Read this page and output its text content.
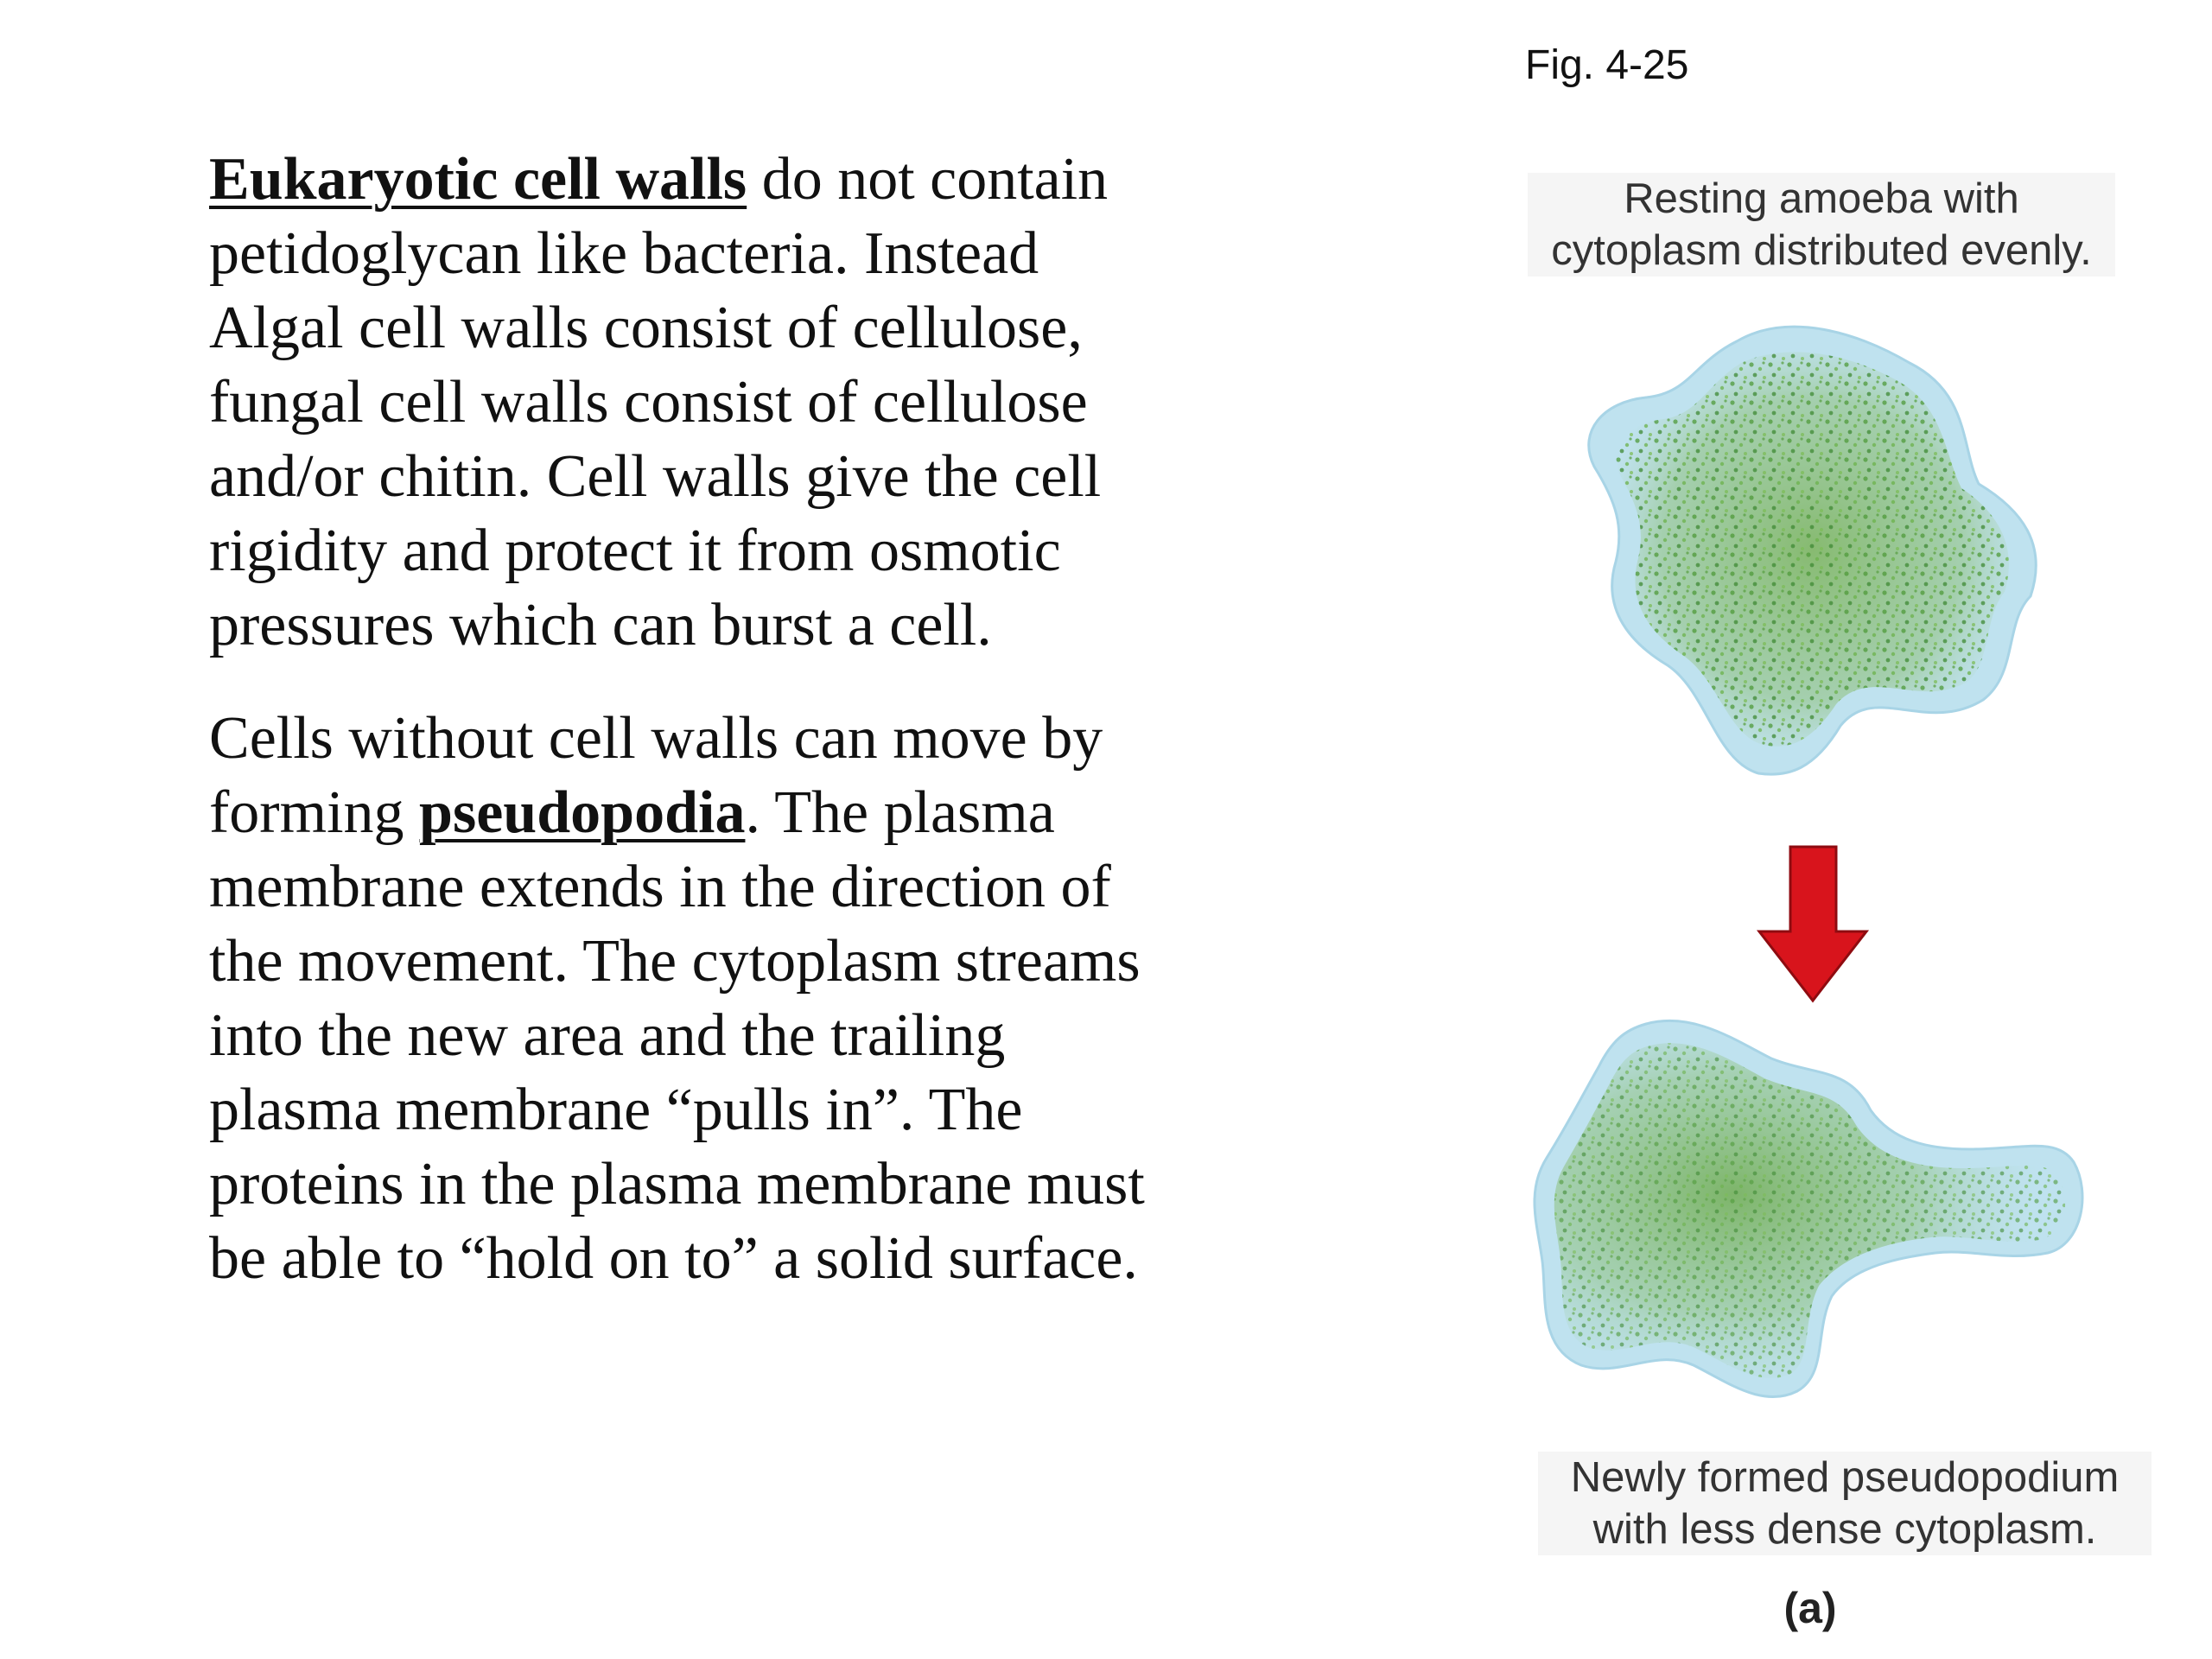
Eukaryotic cell walls do not contain petidoglycan like bacteria. Instead Algal cell walls consist of cellulose, fungal cell walls consist of cellulose and/or chitin. Cell walls give the cell rigidity and protect it from osmotic pressures which can burst a cell.

Cells without cell walls can move by forming pseudopodia. The plasma membrane extends in the direction of the movement. The cytoplasm streams into the new area and the trailing plasma membrane “pulls in”. The proteins in the plasma membrane must be able to “hold on to” a solid surface.

Fig. 4-25
Resting amoeba with
cytoplasm distributed evenly.
Newly formed pseudopodium
with less dense cytoplasm.
(a)
